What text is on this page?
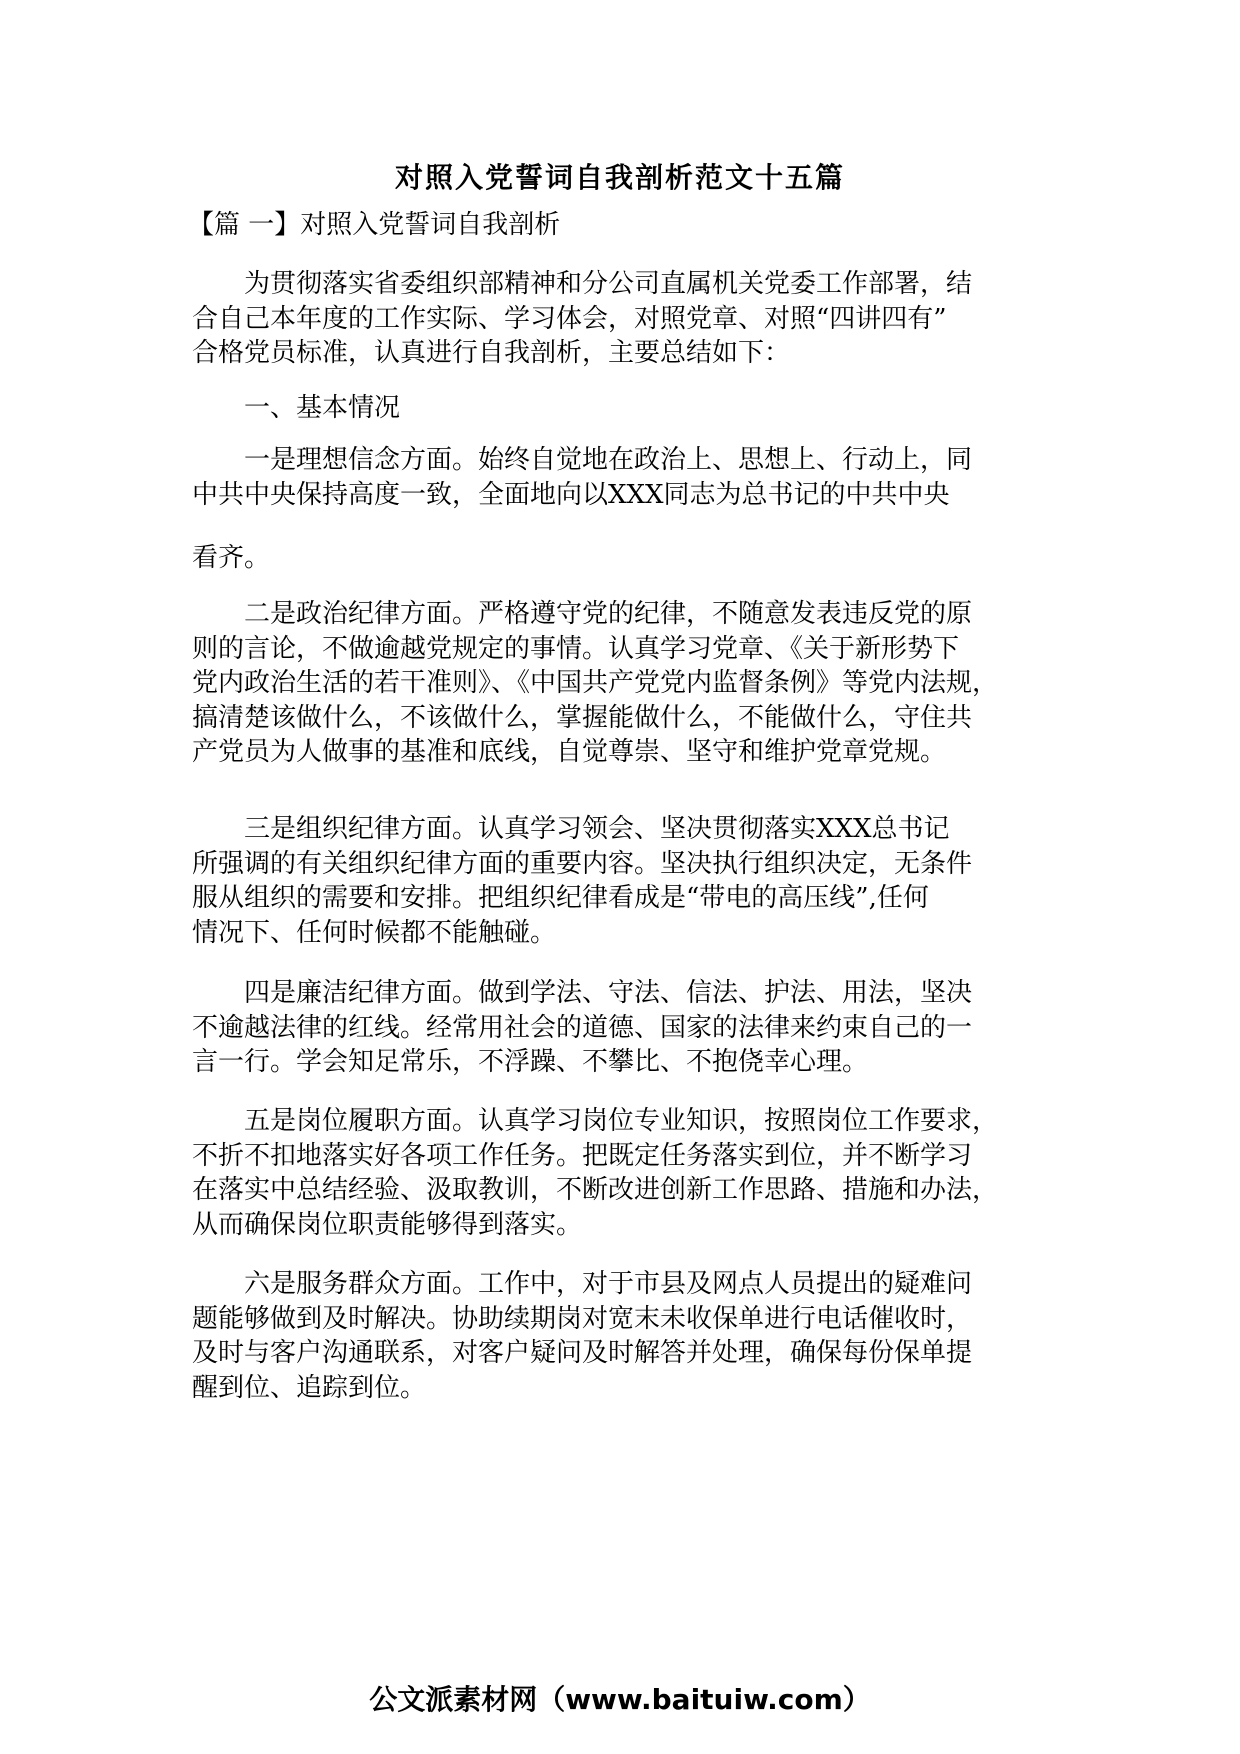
对照入党誓词自我剖析范文十五篇
【篇 一】对照入党誓词自我剖析

为贯彻落实省委组织部精神和分公司直属机关党委工作部署，结
合自己本年度的工作实际、学习体会，对照党章、对照“四讲四有”
合格党员标准，认真进行自我剖析，主要总结如下：

一、基本情况

一是理想信念方面。始终自觉地在政治上、思想上、行动上，同
中共中央保持高度一致，全面地向以XXX同志为总书记的中共中央

看齐。

二是政治纪律方面。严格遵守党的纪律，不随意发表违反党的原
则的言论，不做逾越党规定的事情。认真学习党章、《关于新形势下
党内政治生活的若干准则》、《中国共产党党内监督条例》等党内法规，
搞清楚该做什么，不该做什么，掌握能做什么，不能做什么，守住共
产党员为人做事的基准和底线，自觉尊崇、坚守和维护党章党规。

三是组织纪律方面。认真学习领会、坚决贯彻落实XXX总书记
所强调的有关组织纪律方面的重要内容。坚决执行组织决定，无条件
服从组织的需要和安排。把组织纪律看成是“带电的高压线”,任何
情况下、任何时候都不能触碰。

四是廉洁纪律方面。做到学法、守法、信法、护法、用法，坚决
不逾越法律的红线。经常用社会的道德、国家的法律来约束自己的一
言一行。学会知足常乐，不浮躁、不攀比、不抱侥幸心理。

五是岗位履职方面。认真学习岗位专业知识，按照岗位工作要求，
不折不扣地落实好各项工作任务。把既定任务落实到位，并不断学习
在落实中总结经验、汲取教训，不断改进创新工作思路、措施和办法，
从而确保岗位职责能够得到落实。

六是服务群众方面。工作中，对于市县及网点人员提出的疑难问
题能够做到及时解决。协助续期岗对宽末未收保单进行电话催收时，
及时与客户沟通联系，对客户疑问及时解答并处理，确保每份保单提
醒到位、追踪到位。

公文派素材网（www.baituiw.com）
